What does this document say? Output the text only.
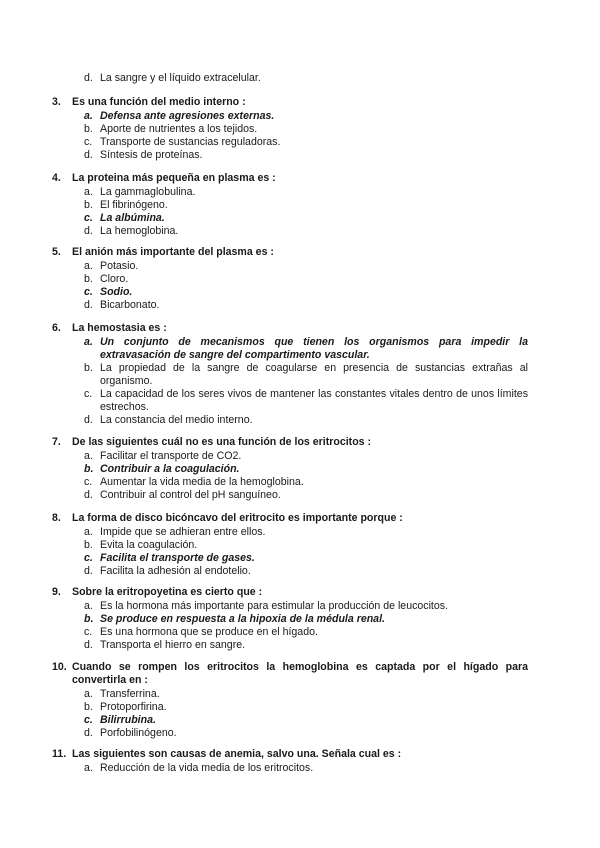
d. La sangre y el líquido extracelular.
3.	Es una función del medio interno :
a. Defensa ante agresiones externas.
b. Aporte de nutrientes a los tejidos.
c. Transporte de sustancias reguladoras.
d. Síntesis de proteínas.
4.	La proteina más pequeña en plasma es :
a. La gammaglobulina.
b. El fibrinógeno.
c. La albúmina.
d. La hemoglobina.
5.	El anión más importante del plasma es :
a. Potasio.
b. Cloro.
c. Sodio.
d. Bicarbonato.
6.	La hemostasia es :
a. Un conjunto de mecanismos que tienen los organismos para impedir la extravasación de sangre del compartimento vascular.
b. La propiedad de la sangre de coagularse en presencia de sustancias extrañas al organismo.
c. La capacidad de los seres vivos de mantener las constantes vitales dentro de unos límites estrechos.
d. La constancia del medio interno.
7.	De las siguientes cuál no es una función de los eritrocitos :
a. Facilitar el transporte de CO2.
b. Contribuir a la coagulación.
c. Aumentar la vida media de la hemoglobina.
d. Contribuir al control del pH sanguíneo.
8.	La forma de disco bicóncavo del eritrocito es importante porque :
a. Impide que se adhieran entre ellos.
b. Evita la coagulación.
c. Facilita el transporte de gases.
d. Facilita la adhesión al endotelio.
9.	Sobre la eritropoyetina es cierto que :
a. Es la hormona más importante para estimular la producción de leucocitos.
b. Se produce en respuesta a la hipoxia de la médula renal.
c. Es una hormona que se produce en el hígado.
d. Transporta el hierro en sangre.
10. Cuando se rompen los eritrocitos la hemoglobina es captada por el hígado para convertirla en :
a. Transferrina.
b. Protoporfirina.
c. Bilirrubina.
d. Porfobilinógeno.
11. Las siguientes son causas de anemia, salvo una. Señala cual es :
a. Reducción de la vida media de los eritrocitos.
